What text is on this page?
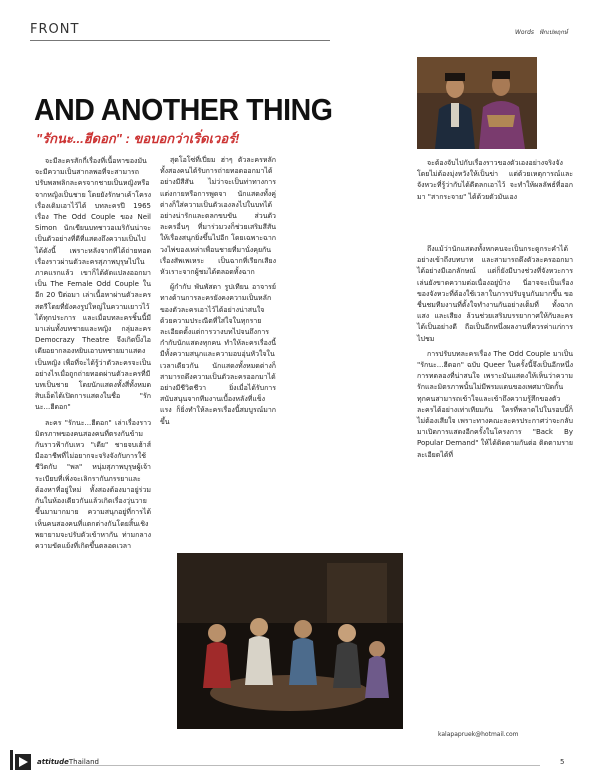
FRONT	Words ฟักเปพฤกษ์
AND ANOTHER THING
"รักนะ...ฮีดอก" : ขอบอกว่าเริ่ดเวอร์!

จะมีละครสักกี่เรื่องที่เนื้อหาของมันจะมีความเป็นสากลพอที่จะสามารถปรับพลพลิกละครจากชายเป็นหญิงหรือจากหญิงเป็นชาย โดยยังรักษาเค้าโครงเรื่องเดิมเอาไว้ได้ บทละครปี 1965 เรื่อง The Odd Couple ของ Neil Simon นักเขียนบทชาวอเมริกันน่าจะเป็นตัวอย่างที่ดีที่แสดงถึงความเป็นไปได้ดังนี้ เพราะหลังจากที่ได้ถ่ายทอดเรื่องราวผ่านตัวละครสุภาพบุรุษไปในภาคแรกแล้ว เขาก็ได้ดัดแปลงออกมาเป็น The Female Odd Couple ในอีก 20 ปีต่อมา เล่าเนื้อหาผ่านตัวละครสตรีโดยที่ยังคงรูปใหญ่ในความเยาวไว้ได้ทุกประการ และเมื่อบทละครชิ้นนี้มีมาเล่นทั้งบทชายและหญิง กลุ่มละคร Democrazy Theatre จึงเกิดปิ๊งไอเดียอยากลองหยิบเอาบทชายมาแสดงเป็นหญิง เพื่อที่จะได้รู้ว่าตัวละครจะเป็นอย่างไรเมื่อถูกถ่ายทอดผ่านตัวละครที่มีบทเป็นชาย โดยนักแสดงทั้งสี่ทั้งหมดสิบเอ็ดได้เปิดการแสดงในชื่อ "รักนะ...ฮีดอก"

ละคร "รักนะ...ฮีดอก" เล่าเรื่องราวมิตรภาพของคนสองคนที่ตรงกันข้ามกันราวฟ้ากับเหว "เดีย" ชายจบเฮ้าส์มืออาชีพที่ไม่อยากจะจริงจังกับการใช้ชีวิตกับ "พล" หนุ่มสุภาพบุรุษผู้เจ้าระเบียบที่เพิ่งจะเลิกรากับภรรยาและต้องหาที่อยู่ใหม่ ทั้งสองต้องมาอยู่ร่วมกันในห้องเดียวกันแล้วเกิดเรื่องวุ่นวายขึ้นมามากมาย ความสนุกอยู่ที่การได้เห็นคนสองคนที่แตกต่างกันโดยสิ้นเชิงพยายามจะปรับตัวเข้าหากัน ท่ามกลางความขัดแย้งที่เกิดขึ้นตลอดเวลา

สุดโอโซ่ที่เปี่ยม ฮ่าๆ ตัวละครหลักทั้งสองคนได้รับการถ่ายทอดออกมาได้อย่างมีสีสัน ไม่ว่าจะเป็นท่าทางการแต่งกายหรือการพูดจา นักแสดงทั้งคู่ต่างก็ใส่ความเป็นตัวเองลงไปในบทได้อย่างน่ารักและตลกขบขัน ส่วนตัวละครอื่นๆ ที่มาร่วมวงก็ช่วยเสริมสีสันให้เรื่องสนุกยิ่งขึ้นไปอีก โดยเฉพาะฉากวงไพ่ของเหล่าเพื่อนชายที่มานั่งคุยกันเรื่องสัพเพเหระ เป็นฉากที่เรียกเสียงหัวเราะจากผู้ชมได้ตลอดทั้งฉาก

ผู้กำกับ พันพัสดา รูปเทียน อาจารย์ทางด้านการละครยังคงความเป็นหลักของตัวละครเอาไว้ได้อย่างน่าสนใจ ด้วยความประณีตที่ใส่ใจในทุกรายละเอียดตั้งแต่การวางบทไปจนถึงการกำกับนักแสดงทุกคน ทำให้ละครเรื่องนี้มีทั้งความสนุกและความอบอุ่นหัวใจในเวลาเดียวกัน นักแสดงทั้งหมดต่างก็สามารถดึงความเป็นตัวละครออกมาได้อย่างมีชีวิตชีวา ยิ่งเมื่อได้รับการสนับสนุนจากทีมงานเบื้องหลังที่แข็งแรง ก็ยิ่งทำให้ละครเรื่องนี้สมบูรณ์มากขึ้น

จะต้องจับไปกับเรื่องราวของตัวเองอย่างจริงจังโดยไม่ต้องมุ่งหวังให้เป็นข่า แต่ด้วยเหตุการณ์และจังหวะที่รู้ว่ากับได้ดีตลกเอาไว้ จะทำให้ผลลัพธ์ที่ออกมา "สากระจาย" ได้ด้วยตัวมันเอง

ถึงแม้ว่านักแสดงทั้งหกคนจะเป็นกระดูกระคำได้อย่างเข้าถึงบทบาท และสามารถดึงตัวละครออกมาได้อย่างมีเอกลักษณ์ แต่ก็ยังมีบางช่วงที่จังหวะการเล่นยังขาดความต่อเนื่องอยู่บ้าง นี่อาจจะเป็นเรื่องของจังหวะที่ต้องใช้เวลาในการปรับจูนกันมากขึ้น ขอชื่นชมทีมงานที่ตั้งใจทำงานกันอย่างเต็มที่ ทั้งฉาก แสง และเสียง ล้วนช่วยเสริมบรรยากาศให้กับละครได้เป็นอย่างดี ถือเป็นอีกหนึ่งผลงานที่ควรค่าแก่การไปชม

การปรับบทละครเรื่อง The Odd Couple มาเป็น "รักนะ...ฮีดอก" ฉบับ Queer ในครั้งนี้จึงเป็นอีกหนึ่งการทดลองที่น่าสนใจ เพราะมันแสดงให้เห็นว่าความรักและมิตรภาพนั้นไม่มีพรมแดนของเพศมาปิดกั้น ทุกคนสามารถเข้าใจและเข้าถึงความรู้สึกของตัวละครได้อย่างเท่าเทียมกัน ใครที่พลาดไปในรอบนี้ก็ไม่ต้องเสียใจ เพราะทางคณะละครประกาศว่าจะกลับมาเปิดการแสดงอีกครั้งในโครงการ "Back By Popular Demand" ให้ได้ติดตามกันต่อ ติดตามรายละเอียดได้ที่

kalapapruek@hotmail.com
attitudeThailand	5
